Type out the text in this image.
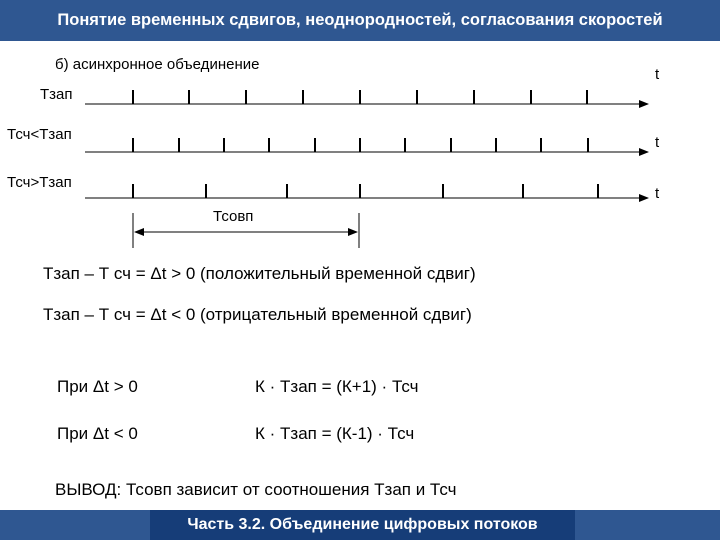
Понятие временных сдвигов, неоднородностей, согласования скоростей
б) асинхронное объединение
t
t
t
Тзап
Тсч<Тзап
Тсч>Тзап
Тсовп
Тзап – Т сч = Δt > 0 (положительный временной сдвиг)
Тзап – Т сч = Δt < 0 (отрицательный временной сдвиг)
При Δt > 0	К · Тзап = (К+1) · Тсч
При Δt < 0	К · Тзап = (К-1) · Тсч
ВЫВОД: Тсовп зависит от соотношения Тзап и Тсч
Часть 3.2. Объединение цифровых потоков
